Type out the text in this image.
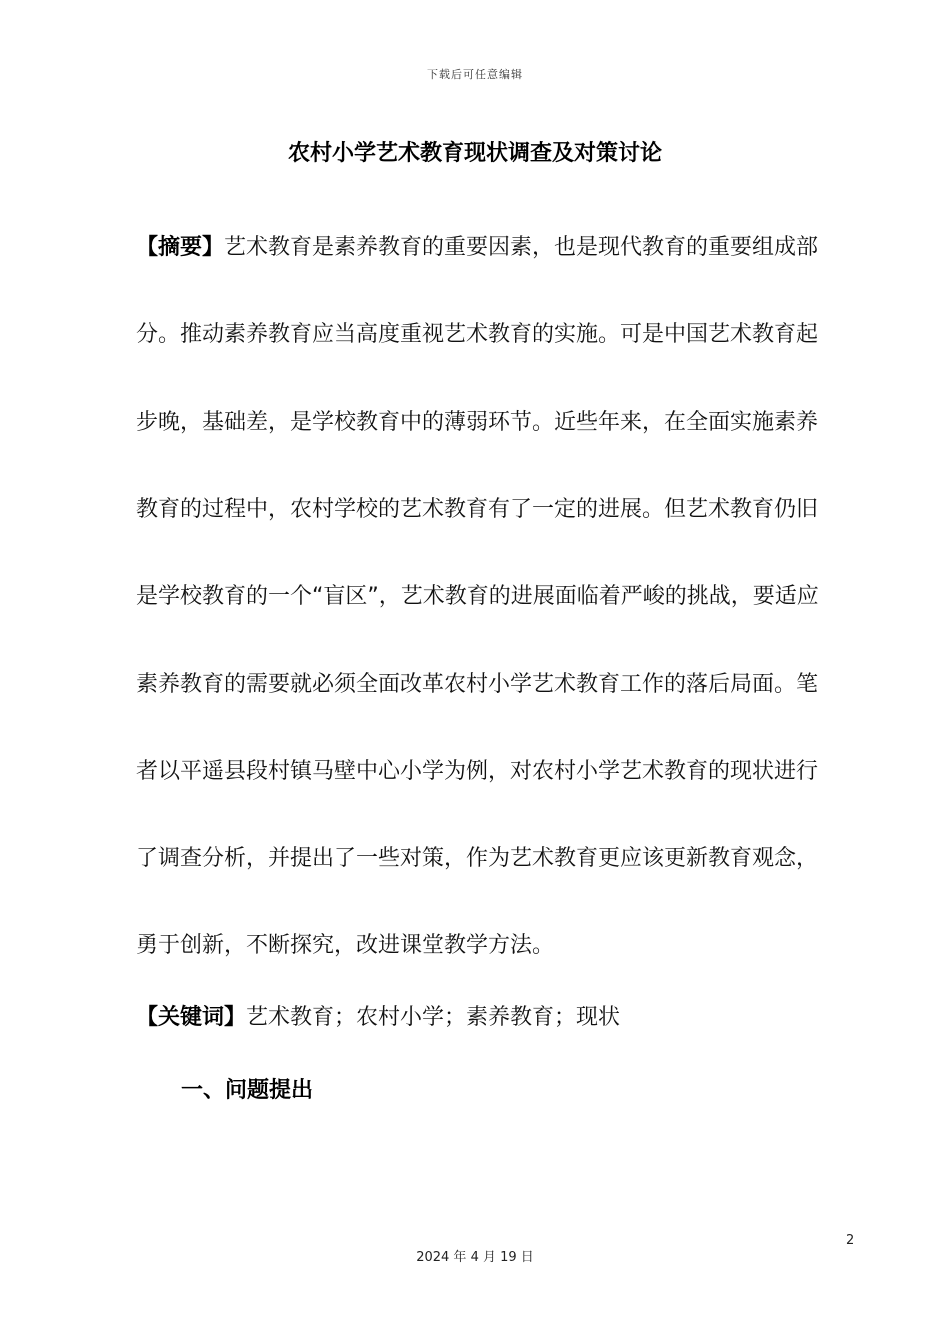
下载后可任意编辑
农村小学艺术教育现状调查及对策讨论
【摘要】艺术教育是素养教育的重要因素，也是现代教育的重要组成部
分。推动素养教育应当高度重视艺术教育的实施。可是中国艺术教育起
步晚，基础差，是学校教育中的薄弱环节。近些年来，在全面实施素养
教育的过程中，农村学校的艺术教育有了一定的进展。但艺术教育仍旧
是学校教育的一个“盲区”，艺术教育的进展面临着严峻的挑战，要适应
素养教育的需要就必须全面改革农村小学艺术教育工作的落后局面。笔
者以平遥县段村镇马壁中心小学为例，对农村小学艺术教育的现状进行
了调查分析，并提出了一些对策，作为艺术教育更应该更新教育观念，
勇于创新，不断探究，改进课堂教学方法。
【关键词】艺术教育；农村小学；素养教育；现状
一、问题提出
2
2024 年 4 月 19 日
